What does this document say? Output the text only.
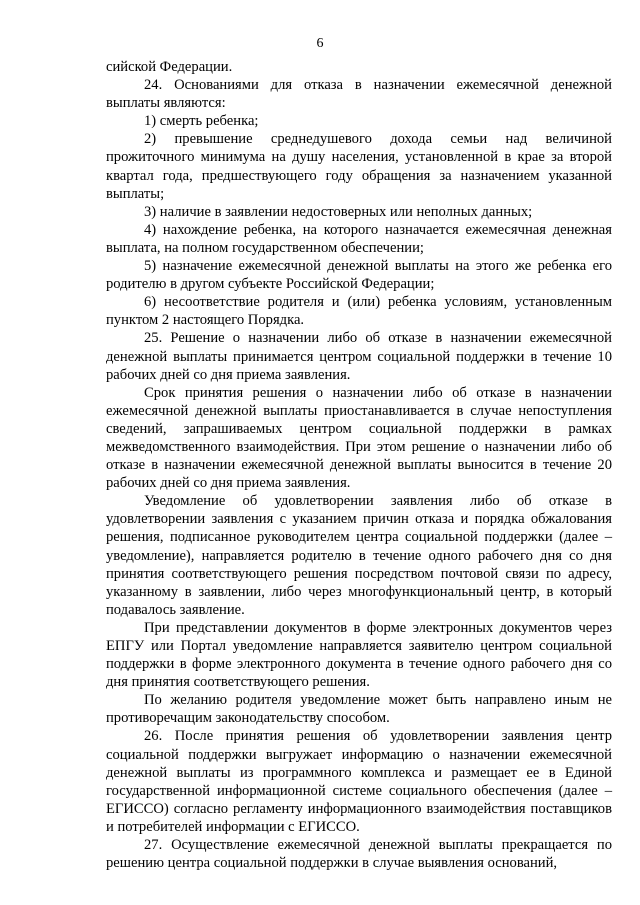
6

сийской Федерации.

24. Основаниями для отказа в назначении ежемесячной денежной выплаты являются:

1) смерть ребенка;

2) превышение среднедушевого дохода семьи над величиной прожиточного минимума на душу населения, установленной в крае за второй квартал года, предшествующего году обращения за назначением указанной выплаты;

3) наличие в заявлении недостоверных или неполных данных;

4) нахождение ребенка, на которого назначается ежемесячная денежная выплата, на полном государственном обеспечении;

5) назначение ежемесячной денежной выплаты на этого же ребенка его родителю в другом субъекте Российской Федерации;

6) несоответствие родителя и (или) ребенка условиям, установленным пунктом 2 настоящего Порядка.

25. Решение о назначении либо об отказе в назначении ежемесячной денежной выплаты принимается центром социальной поддержки в течение 10 рабочих дней со дня приема заявления.

Срок принятия решения о назначении либо об отказе в назначении ежемесячной денежной выплаты приостанавливается в случае непоступления сведений, запрашиваемых центром социальной поддержки в рамках межведомственного взаимодействия. При этом решение о назначении либо об отказе в назначении ежемесячной денежной выплаты выносится в течение 20 рабочих дней со дня приема заявления.

Уведомление об удовлетворении заявления либо об отказе в удовлетворении заявления с указанием причин отказа и порядка обжалования решения, подписанное руководителем центра социальной поддержки (далее – уведомление), направляется родителю в течение одного рабочего дня со дня принятия соответствующего решения посредством почтовой связи по адресу, указанному в заявлении, либо через многофункциональный центр, в который подавалось заявление.

При представлении документов в форме электронных документов через ЕПГУ или Портал уведомление направляется заявителю центром социальной поддержки в форме электронного документа в течение одного рабочего дня со дня принятия соответствующего решения.

По желанию родителя уведомление может быть направлено иным не противоречащим законодательству способом.

26. После принятия решения об удовлетворении заявления центр социальной поддержки выгружает информацию о назначении ежемесячной денежной выплаты из программного комплекса и размещает ее в Единой государственной информационной системе социального обеспечения (далее – ЕГИССО) согласно регламенту информационного взаимодействия поставщиков и потребителей информации с ЕГИССО.

27. Осуществление ежемесячной денежной выплаты прекращается по решению центра социальной поддержки в случае выявления оснований,
